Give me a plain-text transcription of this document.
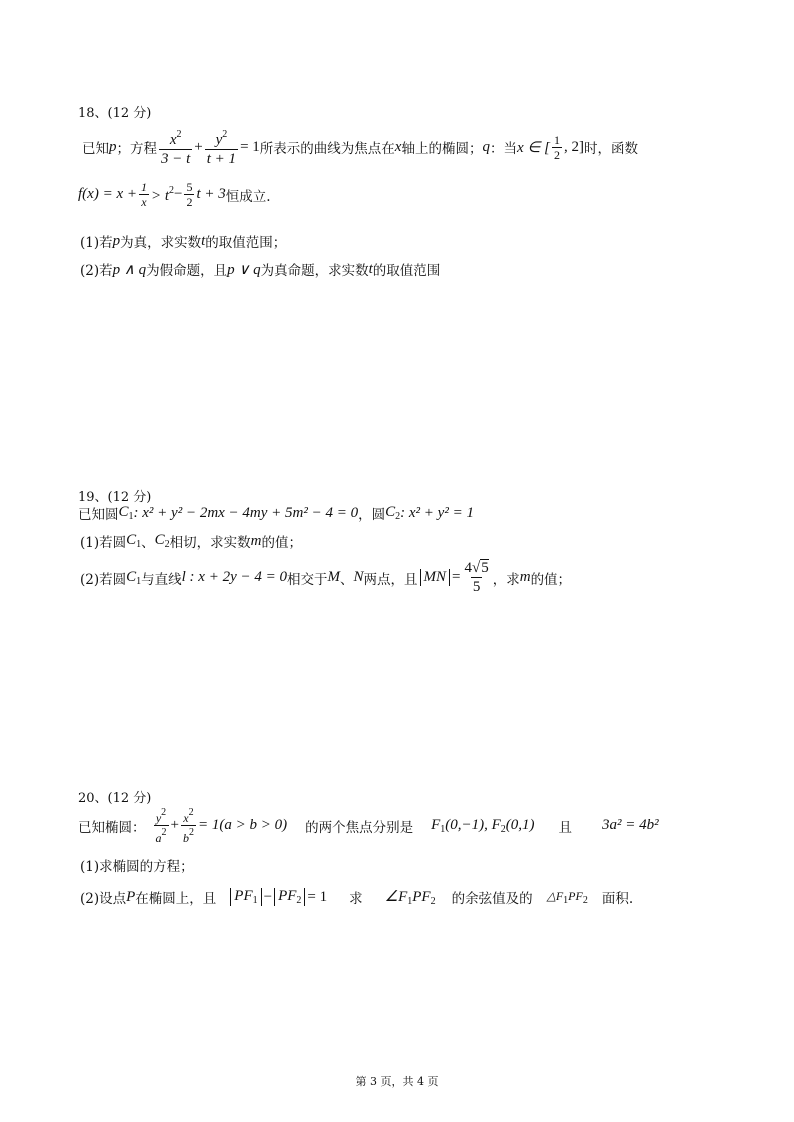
18、(12 分)
已知 p ；方程 $\frac{x^2}{3 - t} + \frac{y^2}{t + 1} = 1$ 所表示的曲线为焦点在 x 轴上的椭圆； q ：当 x ∈ [ $\frac{1}{2}$ , 2] 时，函数
$f(x) = x + \frac{1}{x} > t^2 - \frac{5}{2}$ t + 3 恒成立.
(1)若 p 为真，求实数 t 的取值范围；
(2)若 p ∧ q 为假命题，且 p ∨ q 为真命题，求实数 t 的取值范围
19、(12 分)
已知圆 $C_1$ : x² + y² − 2mx − 4my + 5m² − 4 = 0 ，圆 $C_2$ : x² + y² = 1
(1)若圆 $C_1$ 、 $C_2$ 相切，求实数 m 的值；
(2)若圆 $C_1$ 与直线 l : x + 2y − 4 = 0 相交于 M 、 N 两点，且 MN = $\frac{4√5}{5}$ ，求 m 的值；
20、(12 分)
已知椭圆： $\frac{y^2}{a^2} + \frac{x^2}{b^2} = 1(a > b > 0)$ 的两个焦点分别是 $F_1(0,-1)$, $F_2(0,1)$ 且 3a² = 4b²
(1)求椭圆的方程；
(2)设点 P 在椭圆上，且 $PF_1 - PF_2 = 1$ 求 $\angle F_1PF_2$ 的余弦值及的 $\triangle F_1PF_2$ 面积.
第 3 页，共 4 页
